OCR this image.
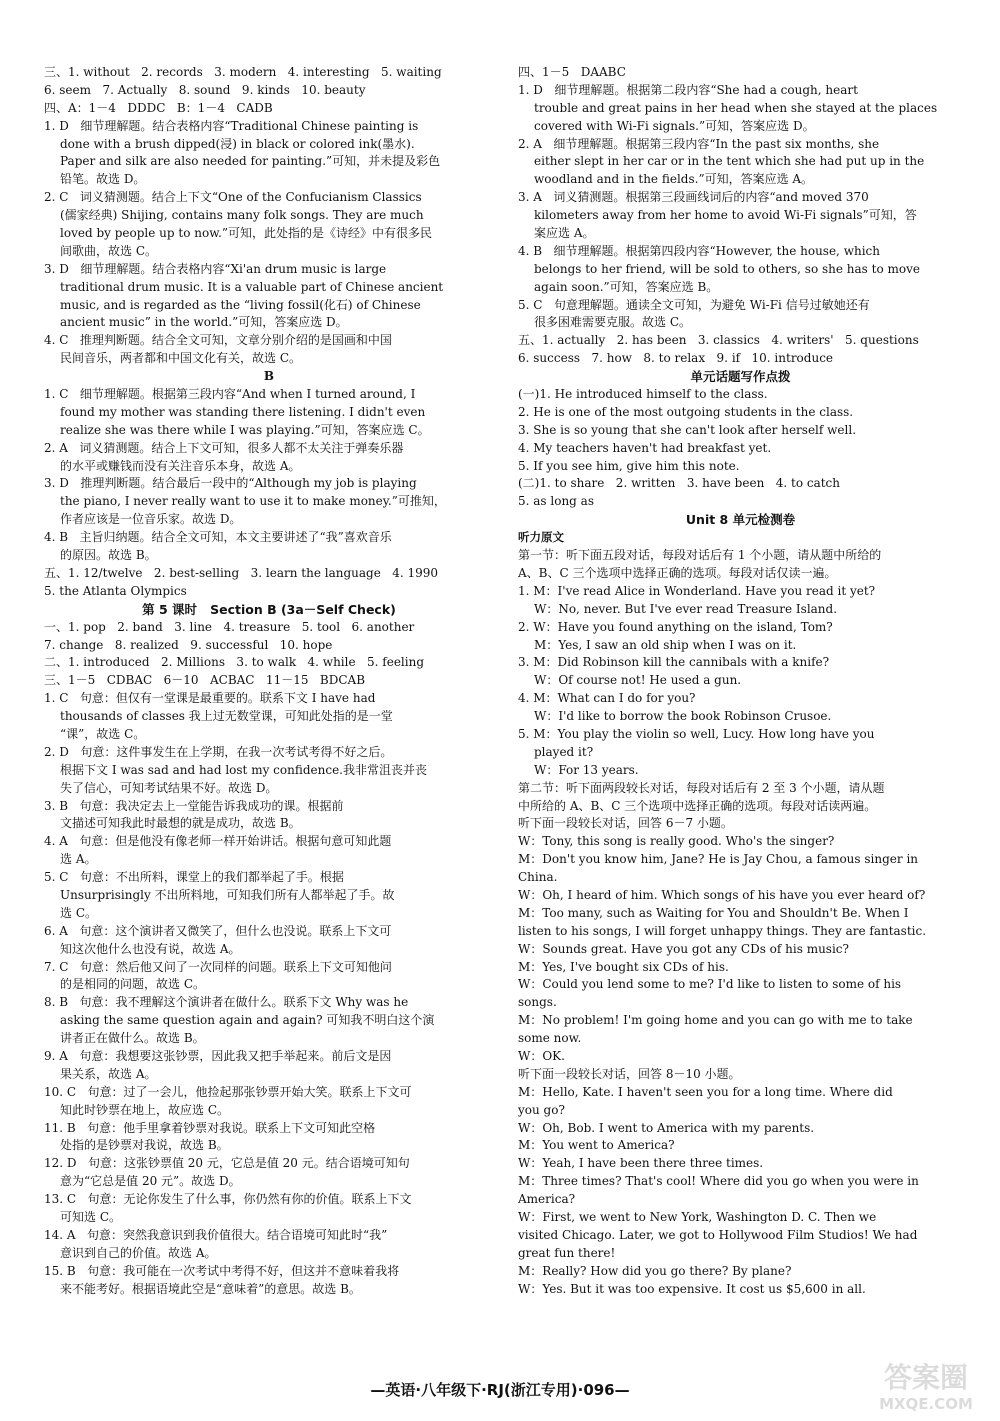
三、1. without   2. records   3. modern   4. interesting   5. waiting
6. seem   7. Actually   8. sound   9. kinds   10. beauty
四、A：1－4   DDDC   B：1－4   CADB
1. D   细节理解题。结合表格内容“Traditional Chinese painting is
done with a brush dipped(浸) in black or colored ink(墨水).
Paper and silk are also needed for painting.”可知，并未提及彩色
铅笔。故选 D。
2. C   词义猜测题。结合上下文“One of the Confucianism Classics
(儒家经典) Shijing, contains many folk songs. They are much
loved by people up to now.”可知，此处指的是《诗经》中有很多民
间歌曲，故选 C。
3. D   细节理解题。结合表格内容“Xi'an drum music is large
traditional drum music. It is a valuable part of Chinese ancient
music, and is regarded as the “living fossil(化石) of Chinese
ancient music” in the world.”可知，答案应选 D。
4. C   推理判断题。结合全文可知，文章分别介绍的是国画和中国
民间音乐，两者都和中国文化有关，故选 C。
B
1. C   细节理解题。根据第三段内容“And when I turned around, I
found my mother was standing there listening. I didn't even
realize she was there while I was playing.”可知，答案应选 C。
2. A   词义猜测题。结合上下文可知，很多人都不太关注于弹奏乐器
的水平或赚钱而没有关注音乐本身，故选 A。
3. D   推理判断题。结合最后一段中的“Although my job is playing
the piano, I never really want to use it to make money.”可推知，
作者应该是一位音乐家。故选 D。
4. B   主旨归纳题。结合全文可知，本文主要讲述了“我”喜欢音乐
的原因。故选 B。
五、1. 12/twelve   2. best-selling   3. learn the language   4. 1990
5. the Atlanta Olympics
第 5 课时   Section B (3a－Self Check)
一、1. pop   2. band   3. line   4. treasure   5. tool   6. another
7. change   8. realized   9. successful   10. hope
二、1. introduced   2. Millions   3. to walk   4. while   5. feeling
三、1－5   CDBAC   6－10   ACBAC   11－15   BDCAB
1. C   句意：但仅有一堂课是最重要的。联系下文 I have had
thousands of classes 我上过无数堂课，可知此处指的是一堂
“课”，故选 C。
2. D   句意：这件事发生在上学期，在我一次考试考得不好之后。
根据下文 I was sad and had lost my confidence.我非常沮丧并丧
失了信心，可知考试结果不好。故选 D。
3. B   句意：我决定去上一堂能告诉我成功的课。根据前
文描述可知我此时最想的就是成功，故选 B。
4. A   句意：但是他没有像老师一样开始讲话。根据句意可知此题
选 A。
5. C   句意：不出所料，课堂上的我们都举起了手。根据
Unsurprisingly 不出所料地，可知我们所有人都举起了手。故
选 C。
6. A   句意：这个演讲者又微笑了，但什么也没说。联系上下文可
知这次他什么也没有说，故选 A。
7. C   句意：然后他又问了一次同样的问题。联系上下文可知他问
的是相同的问题，故选 C。
8. B   句意：我不理解这个演讲者在做什么。联系下文 Why was he
asking the same question again and again? 可知我不明白这个演
讲者正在做什么。故选 B。
9. A   句意：我想要这张钞票，因此我又把手举起来。前后文是因
果关系，故选 A。
10. C   句意：过了一会儿，他捡起那张钞票开始大笑。联系上下文可
知此时钞票在地上，故应选 C。
11. B   句意：他手里拿着钞票对我说。联系上下文可知此空格
处指的是钞票对我说，故选 B。
12. D   句意：这张钞票值 20 元，它总是值 20 元。结合语境可知句
意为“它总是值 20 元”。故选 D。
13. C   句意：无论你发生了什么事，你仍然有你的价值。联系上下文
可知选 C。
14. A   句意：突然我意识到我价值很大。结合语境可知此时“我”
意识到自己的价值。故选 A。
15. B   句意：我可能在一次考试中考得不好，但这并不意味着我将
来不能考好。根据语境此空是“意味着”的意思。故选 B。
四、1－5   DAABC
1. D   细节理解题。根据第二段内容“She had a cough, heart
trouble and great pains in her head when she stayed at the places
covered with Wi-Fi signals.”可知，答案应选 D。
2. A   细节理解题。根据第三段内容“In the past six months, she
either slept in her car or in the tent which she had put up in the
woodland and in the fields.”可知，答案应选 A。
3. A   词义猜测题。根据第三段画线词后的内容“and moved 370
kilometers away from her home to avoid Wi-Fi signals”可知，答
案应选 A。
4. B   细节理解题。根据第四段内容“However, the house, which
belongs to her friend, will be sold to others, so she has to move
again soon.”可知，答案应选 B。
5. C   句意理解题。通读全文可知，为避免 Wi-Fi 信号过敏她还有
很多困难需要克服。故选 C。
五、1. actually   2. has been   3. classics   4. writers'   5. questions
6. success   7. how   8. to relax   9. if   10. introduce
单元话题写作点拨
(一)1. He introduced himself to the class.
2. He is one of the most outgoing students in the class.
3. She is so young that she can't look after herself well.
4. My teachers haven't had breakfast yet.
5. If you see him, give him this note.
(二)1. to share   2. written   3. have been   4. to catch
5. as long as
Unit 8 单元检测卷
听力原文
第一节：听下面五段对话，每段对话后有 1 个小题，请从题中所给的
A、B、C 三个选项中选择正确的选项。每段对话仅读一遍。
1. M：I've read Alice in Wonderland. Have you read it yet?
W：No, never. But I've ever read Treasure Island.
2. W：Have you found anything on the island, Tom?
M：Yes, I saw an old ship when I was on it.
3. M：Did Robinson kill the cannibals with a knife?
W：Of course not! He used a gun.
4. M：What can I do for you?
W：I'd like to borrow the book Robinson Crusoe.
5. M：You play the violin so well, Lucy. How long have you
played it?
W：For 13 years.
第二节：听下面两段较长对话，每段对话后有 2 至 3 个小题，请从题
中所给的 A、B、C 三个选项中选择正确的选项。每段对话读两遍。
听下面一段较长对话，回答 6－7 小题。
W：Tony, this song is really good. Who's the singer?
M：Don't you know him, Jane? He is Jay Chou, a famous singer in
China.
W：Oh, I heard of him. Which songs of his have you ever heard of?
M：Too many, such as Waiting for You and Shouldn't Be. When I
listen to his songs, I will forget unhappy things. They are fantastic.
W：Sounds great. Have you got any CDs of his music?
M：Yes, I've bought six CDs of his.
W：Could you lend some to me? I'd like to listen to some of his
songs.
M：No problem! I'm going home and you can go with me to take
some now.
W：OK.
听下面一段较长对话，回答 8－10 小题。
M：Hello, Kate. I haven't seen you for a long time. Where did
you go?
W：Oh, Bob. I went to America with my parents.
M：You went to America?
W：Yeah, I have been there three times.
M：Three times? That's cool! Where did you go when you were in
America?
W：First, we went to New York, Washington D. C. Then we
visited Chicago. Later, we got to Hollywood Film Studios! We had
great fun there!
M：Really? How did you go there? By plane?
W：Yes. But it was too expensive. It cost us $5,600 in all.
—英语·八年级下·RJ(浙江专用)·096—	答案圈
MXQE.COM
